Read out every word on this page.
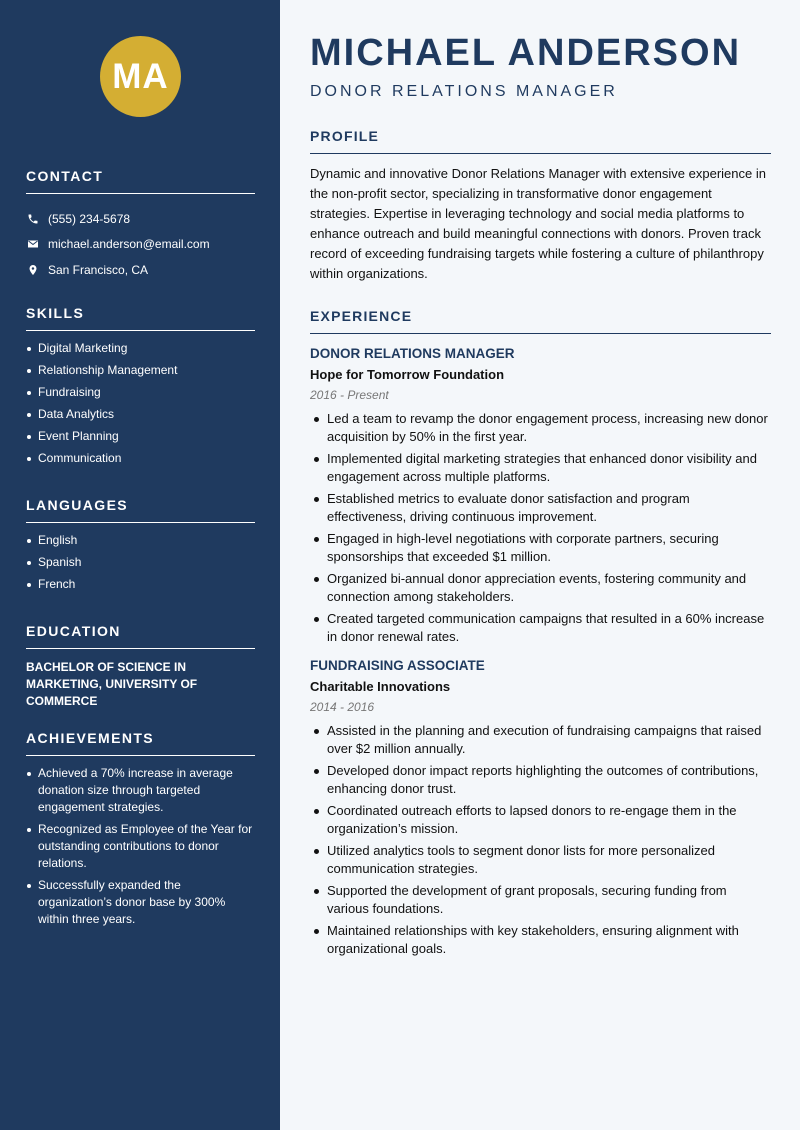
MA
CONTACT
(555) 234-5678
michael.anderson@email.com
San Francisco, CA
SKILLS
Digital Marketing
Relationship Management
Fundraising
Data Analytics
Event Planning
Communication
LANGUAGES
English
Spanish
French
EDUCATION
BACHELOR OF SCIENCE IN MARKETING, UNIVERSITY OF COMMERCE
ACHIEVEMENTS
Achieved a 70% increase in average donation size through targeted engagement strategies.
Recognized as Employee of the Year for outstanding contributions to donor relations.
Successfully expanded the organization’s donor base by 300% within three years.
MICHAEL ANDERSON
DONOR RELATIONS MANAGER
PROFILE

Dynamic and innovative Donor Relations Manager with extensive experience in the non-profit sector, specializing in transformative donor engagement strategies. Expertise in leveraging technology and social media platforms to enhance outreach and build meaningful connections with donors. Proven track record of exceeding fundraising targets while fostering a culture of philanthropy within organizations.

EXPERIENCE
DONOR RELATIONS MANAGER
Hope for Tomorrow Foundation
2016 - Present
Led a team to revamp the donor engagement process, increasing new donor acquisition by 50% in the first year.
Implemented digital marketing strategies that enhanced donor visibility and engagement across multiple platforms.
Established metrics to evaluate donor satisfaction and program effectiveness, driving continuous improvement.
Engaged in high-level negotiations with corporate partners, securing sponsorships that exceeded $1 million.
Organized bi-annual donor appreciation events, fostering community and connection among stakeholders.
Created targeted communication campaigns that resulted in a 60% increase in donor renewal rates.
FUNDRAISING ASSOCIATE
Charitable Innovations
2014 - 2016
Assisted in the planning and execution of fundraising campaigns that raised over $2 million annually.
Developed donor impact reports highlighting the outcomes of contributions, enhancing donor trust.
Coordinated outreach efforts to lapsed donors to re-engage them in the organization’s mission.
Utilized analytics tools to segment donor lists for more personalized communication strategies.
Supported the development of grant proposals, securing funding from various foundations.
Maintained relationships with key stakeholders, ensuring alignment with organizational goals.
